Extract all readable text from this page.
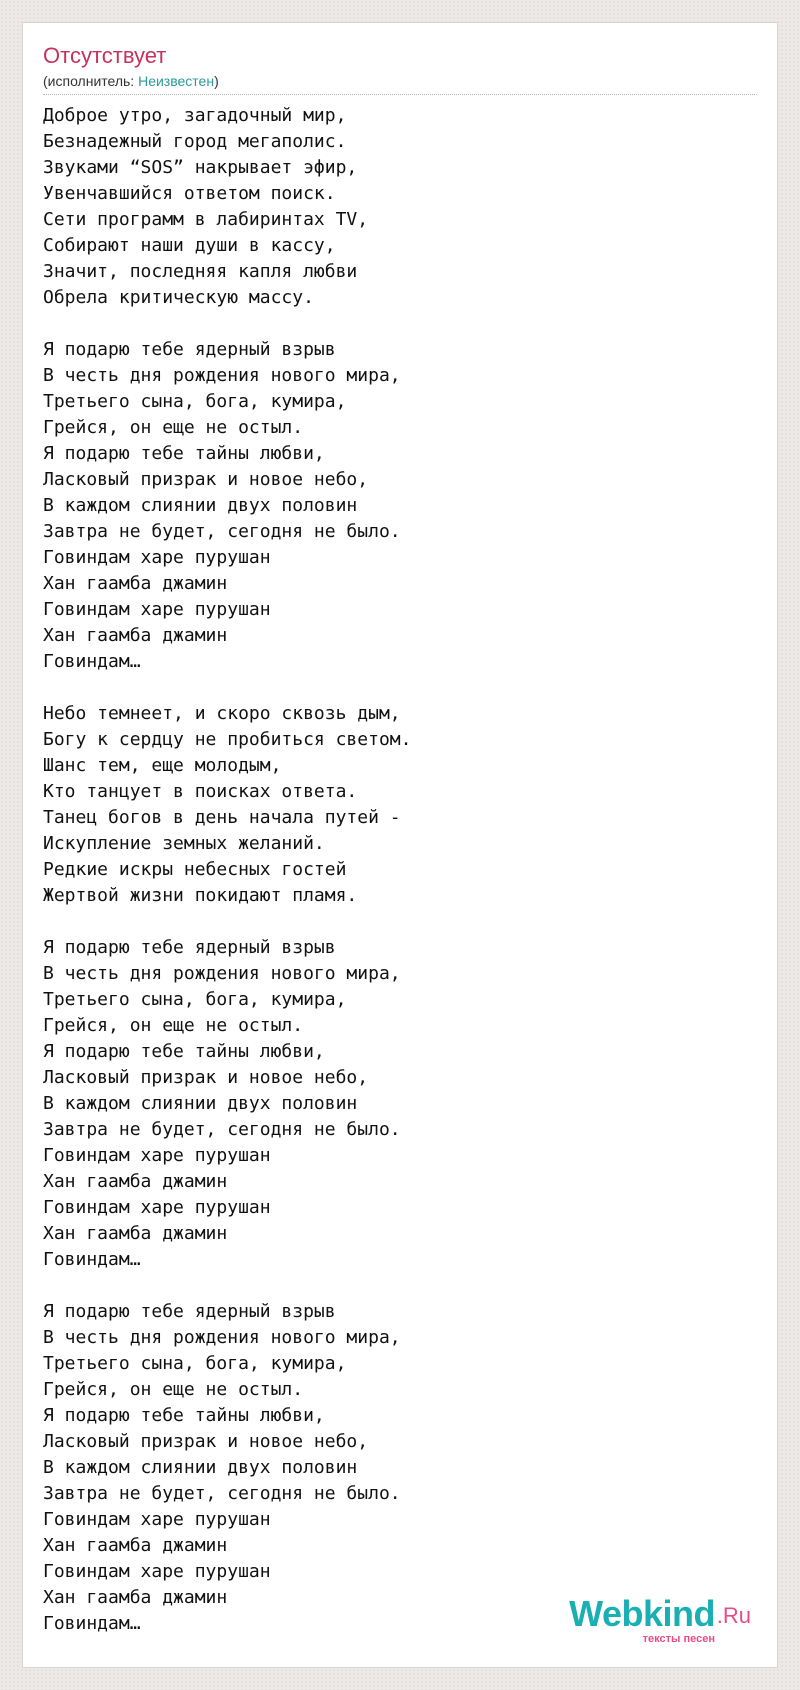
Отсутствует
(исполнитель: Неизвестен)
Доброе утро, загадочный мир,
Безнадежный город мегаполис.
Звуками “SOS” накрывает эфир,
Увенчавшийся ответом поиск.
Сети программ в лабиринтах TV,
Собирают наши души в кассу,
Значит, последняя капля любви
Обрела критическую массу.

Я подарю тебе ядерный взрыв
В честь дня рождения нового мира,
Третьего сына, бога, кумира,
Грейся, он еще не остыл.
Я подарю тебе тайны любви,
Ласковый призрак и новое небо,
В каждом слиянии двух половин
Завтра не будет, сегодня не было.
Говиндам харе пурушан
Хан гаамба джамин
Говиндам харе пурушан
Хан гаамба джамин
Говиндам…

Небо темнеет, и скоро сквозь дым,
Богу к сердцу не пробиться светом.
Шанс тем, еще молодым,
Кто танцует в поисках ответа.
Танец богов в день начала путей -
Искупление земных желаний.
Редкие искры небесных гостей
Жертвой жизни покидают пламя.

Я подарю тебе ядерный взрыв
В честь дня рождения нового мира,
Третьего сына, бога, кумира,
Грейся, он еще не остыл.
Я подарю тебе тайны любви,
Ласковый призрак и новое небо,
В каждом слиянии двух половин
Завтра не будет, сегодня не было.
Говиндам харе пурушан
Хан гаамба джамин
Говиндам харе пурушан
Хан гаамба джамин
Говиндам…

Я подарю тебе ядерный взрыв
В честь дня рождения нового мира,
Третьего сына, бога, кумира,
Грейся, он еще не остыл.
Я подарю тебе тайны любви,
Ласковый призрак и новое небо,
В каждом слиянии двух половин
Завтра не будет, сегодня не было.
Говиндам харе пурушан
Хан гаамба джамин
Говиндам харе пурушан
Хан гаамба джамин
Говиндам…	Webkind .Ru
тексты песен
